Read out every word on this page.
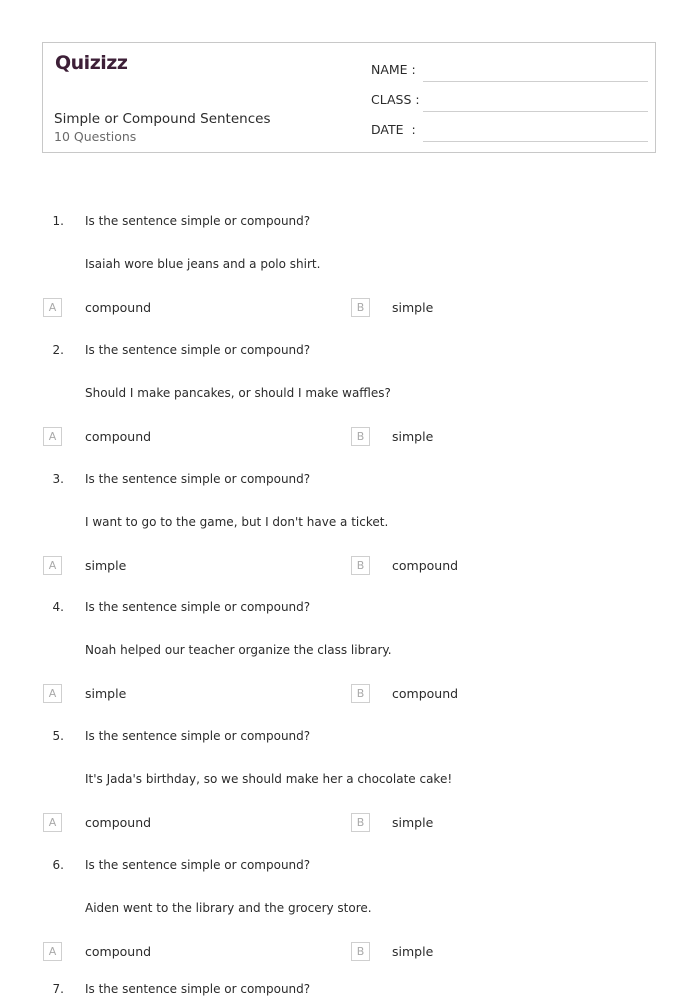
Quizizz
Simple or Compound Sentences
10 Questions
NAME :
CLASS :
DATE  :
1. Is the sentence simple or compound?
Isaiah wore blue jeans and a polo shirt.
A	compound	B	simple
2. Is the sentence simple or compound?
Should I make pancakes, or should I make waffles?
A	compound	B	simple
3. Is the sentence simple or compound?
I want to go to the game, but I don't have a ticket.
A	simple	B	compound
4. Is the sentence simple or compound?
Noah helped our teacher organize the class library.
A	simple	B	compound
5. Is the sentence simple or compound?
It's Jada's birthday, so we should make her a chocolate cake!
A	compound	B	simple
6. Is the sentence simple or compound?
Aiden went to the library and the grocery store.
A	compound	B	simple
7. Is the sentence simple or compound?
